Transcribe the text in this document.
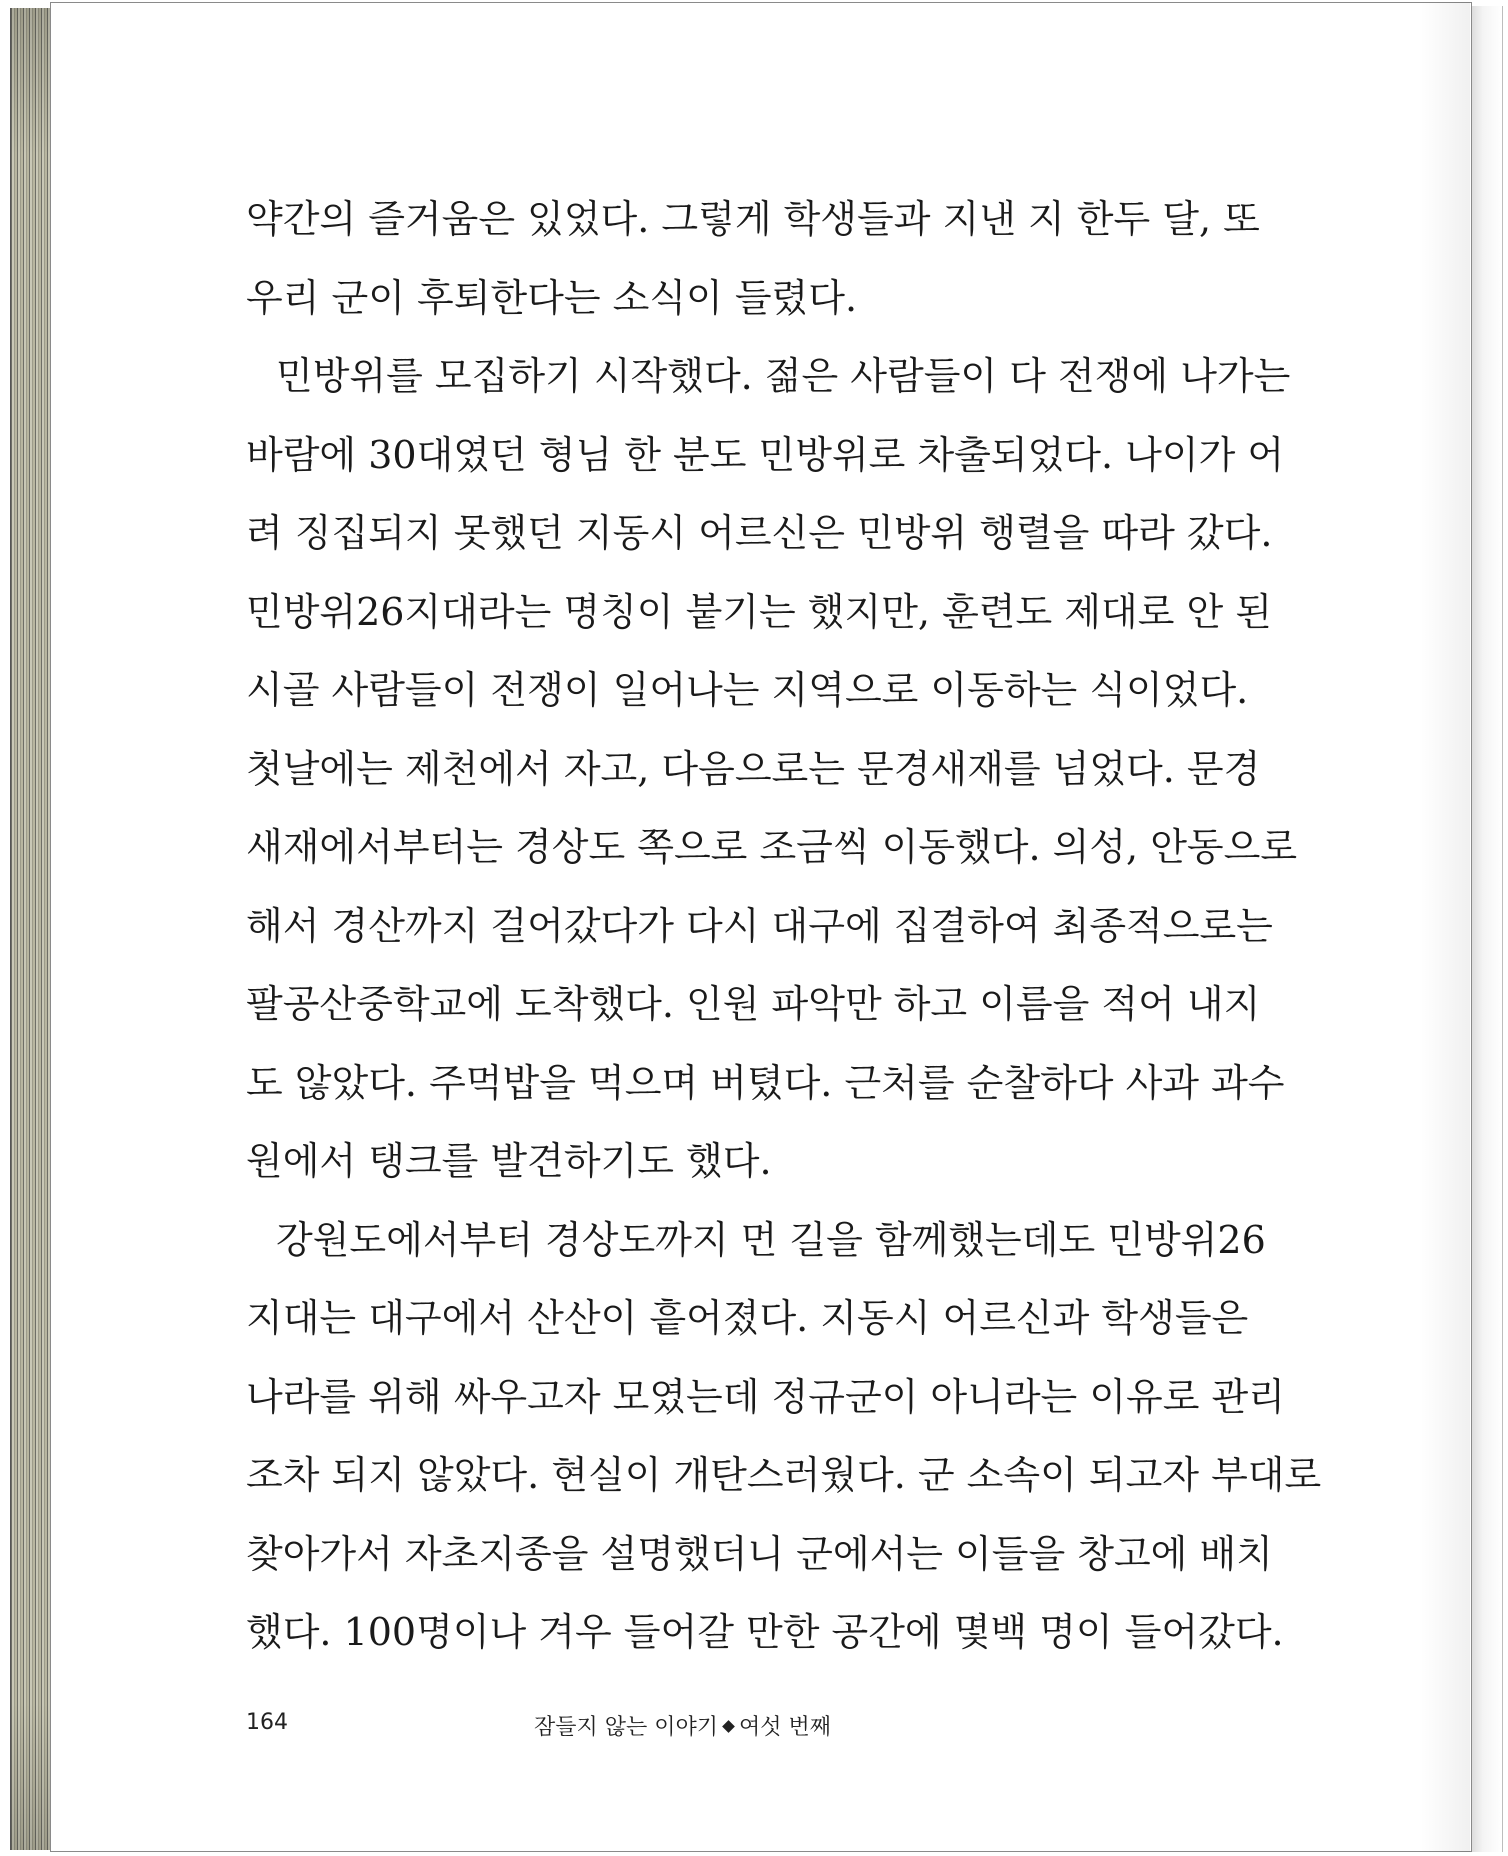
약간의 즐거움은 있었다. 그렇게 학생들과 지낸 지 한두 달, 또
우리 군이 후퇴한다는 소식이 들렸다.
민방위를 모집하기 시작했다. 젊은 사람들이 다 전쟁에 나가는
바람에 30대였던 형님 한 분도 민방위로 차출되었다. 나이가 어
려 징집되지 못했던 지동시 어르신은 민방위 행렬을 따라 갔다.
민방위26지대라는 명칭이 붙기는 했지만, 훈련도 제대로 안 된
시골 사람들이 전쟁이 일어나는 지역으로 이동하는 식이었다.
첫날에는 제천에서 자고, 다음으로는 문경새재를 넘었다. 문경
새재에서부터는 경상도 쪽으로 조금씩 이동했다. 의성, 안동으로
해서 경산까지 걸어갔다가 다시 대구에 집결하여 최종적으로는
팔공산중학교에 도착했다. 인원 파악만 하고 이름을 적어 내지
도 않았다. 주먹밥을 먹으며 버텼다. 근처를 순찰하다 사과 과수
원에서 탱크를 발견하기도 했다.
강원도에서부터 경상도까지 먼 길을 함께했는데도 민방위26
지대는 대구에서 산산이 흩어졌다. 지동시 어르신과 학생들은
나라를 위해 싸우고자 모였는데 정규군이 아니라는 이유로 관리
조차 되지 않았다. 현실이 개탄스러웠다. 군 소속이 되고자 부대로
찾아가서 자초지종을 설명했더니 군에서는 이들을 창고에 배치
했다. 100명이나 겨우 들어갈 만한 공간에 몇백 명이 들어갔다.
164	잠들지 않는 이야기 여섯 번째
